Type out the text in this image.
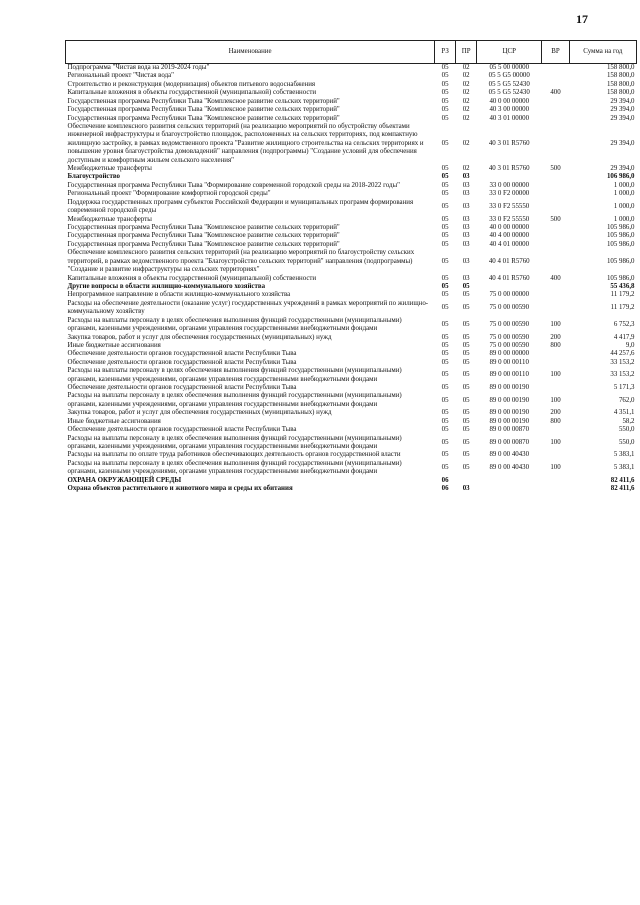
17
Наименование	РЗ	ПР	ЦСР	ВР	Сумма на год
Подпрограмма "Чистая вода на 2019-2024 годы"	05	02	05 5 00 00000		158 800,0
Региональный проект "Чистая вода"	05	02	05 5 G5 00000		158 800,0
Строительство и реконструкция (модернизация) объектов питьевого водоснабжения	05	02	05 5 G5 52430		158 800,0
Капитальные вложения в объекты государственной (муниципальной) собственности	05	02	05 5 G5 52430	400	158 800,0
Государственная программа Республики Тыва "Комплексное развитие сельских территорий"	05	02	40 0 00 00000		29 394,0
Государственная программа Республики Тыва "Комплексное развитие сельских территорий"	05	02	40 3 00 00000		29 394,0
Государственная программа Республики Тыва "Комплексное развитие сельских территорий"	05	02	40 3 01 00000		29 394,0
Обеспечение комплексного развития сельских территорий (на реализацию мероприятий по обустройству объектами инженерной инфраструктуры и благоустройство площадок, расположенных на сельских территориях, под компактную жилищную застройку, в рамках ведомственного проекта "Развитие жилищного строительства на сельских территориях и повышение уровня благоустройства домовладений" направления (подпрограммы) "Создание условий для обеспечения доступным и комфортным жильем сельского населения"	05	02	40 3 01 R5760		29 394,0
Межбюджетные трансферты	05	02	40 3 01 R5760	500	29 394,0
Благоустройство	05	03			106 986,0
Государственная программа Республики Тыва "Формирование современной городской среды на 2018-2022 годы"	05	03	33 0 00 00000		1 000,0
Региональный проект "Формирование комфортной городской среды"	05	03	33 0 F2 00000		1 000,0
Поддержка государственных программ субъектов Российской Федерации и муниципальных программ формирования современной городской среды	05	03	33 0 F2 55550		1 000,0
Межбюджетные трансферты	05	03	33 0 F2 55550	500	1 000,0
Государственная программа Республики Тыва "Комплексное развитие сельских территорий"	05	03	40 0 00 00000		105 986,0
Государственная программа Республики Тыва "Комплексное развитие сельских территорий"	05	03	40 4 00 00000		105 986,0
Государственная программа Республики Тыва "Комплексное развитие сельских территорий"	05	03	40 4 01 00000		105 986,0
Обеспечение комплексного развития сельских территорий (на реализацию мероприятий по благоустройству сельских территорий, в рамках ведомственного проекта "Благоустройство сельских территорий" направления (подпрограммы) "Создание и развитие инфраструктуры на сельских территориях"	05	03	40 4 01 R5760		105 986,0
Капитальные вложения в объекты государственной (муниципальной) собственности	05	03	40 4 01 R5760	400	105 986,0
Другие вопросы в области жилищно-коммунального хозяйства	05	05			55 436,8
Непрограммное направление в области жилищно-коммунального хозяйства	05	05	75 0 00 00000		11 179,2
Расходы на обеспечение деятельности (оказание услуг) государственных учреждений в рамках мероприятий по жилищно-коммунальному хозяйству	05	05	75 0 00 00590		11 179,2
Расходы на выплаты персоналу в целях обеспечения выполнения функций государственными (муниципальными) органами, казенными учреждениями, органами управления государственными внебюджетными фондами	05	05	75 0 00 00590	100	6 752,3
Закупка товаров, работ и услуг для обеспечения государственных (муниципальных) нужд	05	05	75 0 00 00590	200	4 417,9
Иные бюджетные ассигнования	05	05	75 0 00 00590	800	9,0
Обеспечение деятельности органов государственной власти Республики Тыва	05	05	89 0 00 00000		44 257,6
Обеспечение деятельности органов государственной власти Республики Тыва	05	05	89 0 00 00110		33 153,2
Расходы на выплаты персоналу в целях обеспечения выполнения функций государственными (муниципальными) органами, казенными учреждениями, органами управления государственными внебюджетными фондами	05	05	89 0 00 00110	100	33 153,2
Обеспечение деятельности органов государственной власти Республики Тыва	05	05	89 0 00 00190		5 171,3
Расходы на выплаты персоналу в целях обеспечения выполнения функций государственными (муниципальными) органами, казенными учреждениями, органами управления государственными внебюджетными фондами	05	05	89 0 00 00190	100	762,0
Закупка товаров, работ и услуг для обеспечения государственных (муниципальных) нужд	05	05	89 0 00 00190	200	4 351,1
Иные бюджетные ассигнования	05	05	89 0 00 00190	800	58,2
Обеспечение деятельности органов государственной власти Республики Тыва	05	05	89 0 00 00870		550,0
Расходы на выплаты персоналу в целях обеспечения выполнения функций государственными (муниципальными) органами, казенными учреждениями, органами управления государственными внебюджетными фондами	05	05	89 0 00 00870	100	550,0
Расходы на выплаты по оплате труда работников обеспечивающих деятельность органов государственной власти	05	05	89 0 00 40430		5 383,1
Расходы на выплаты персоналу в целях обеспечения выполнения функций государственными (муниципальными) органами, казенными учреждениями, органами управления государственными внебюджетными фондами	05	05	89 0 00 40430	100	5 383,1
ОХРАНА ОКРУЖАЮЩЕЙ СРЕДЫ	06				82 411,6
Охрана объектов растительного и животного мира и среды их обитания	06	03			82 411,6
